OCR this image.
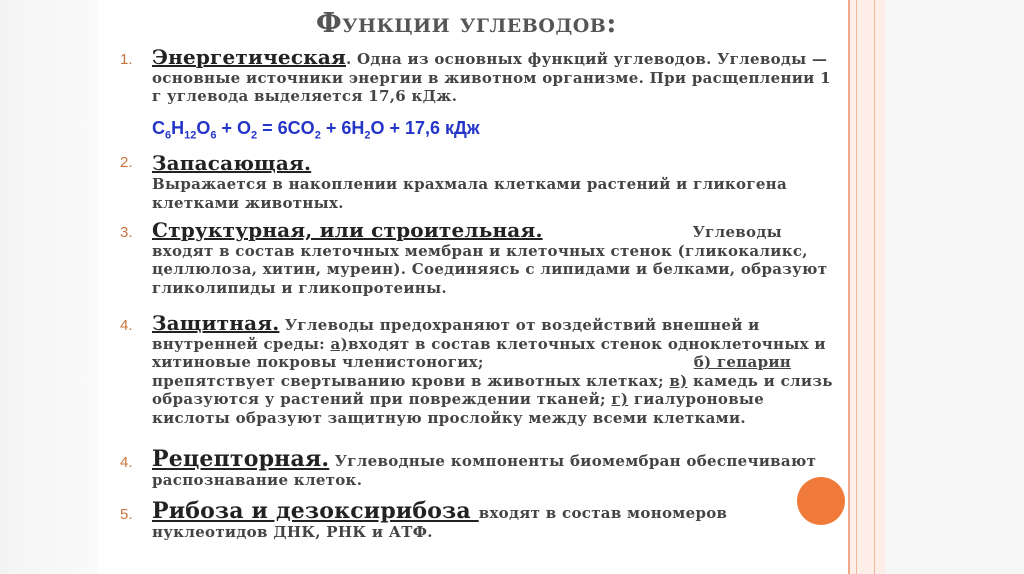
Функции углеводов:
1. Энергетическая. Одна из основных функций углеводов. Углеводы —
основные источники энергии в животном организме. При расщеплении 1
г углевода выделяется 17,6 кДж.
$C_6H_{12}O_6 + O_2 = 6CO_2 + 6H_2O + 17,6$ кДж
2. Запасающая.
Выражается в накоплении крахмала клетками растений и гликогена
клетками животных.
3. Структурная, или строительная.	Углеводы
входят в состав клеточных мембран и клеточных стенок (гликокаликс,
целлюлоза, хитин, муреин). Соединяясь с липидами и белками, образуют
гликолипиды и гликопротеины.
4. Защитная. Углеводы предохраняют от воздействий внешней и
внутренней среды: а)входят в состав клеточных стенок одноклеточных и
хитиновые покровы членистоногих;	б) гепарин
препятствует свертыванию крови в животных клетках; в) камедь и слизь
образуются у растений при повреждении тканей; г) гиалуроновые
кислоты образуют защитную прослойку между всеми клетками.
4. Рецепторная. Углеводные компоненты биомембран обеспечивают
распознавание клеток.
5. Рибоза и дезоксирибоза входят в состав мономеров
нуклеотидов ДНК, РНК и АТФ.
